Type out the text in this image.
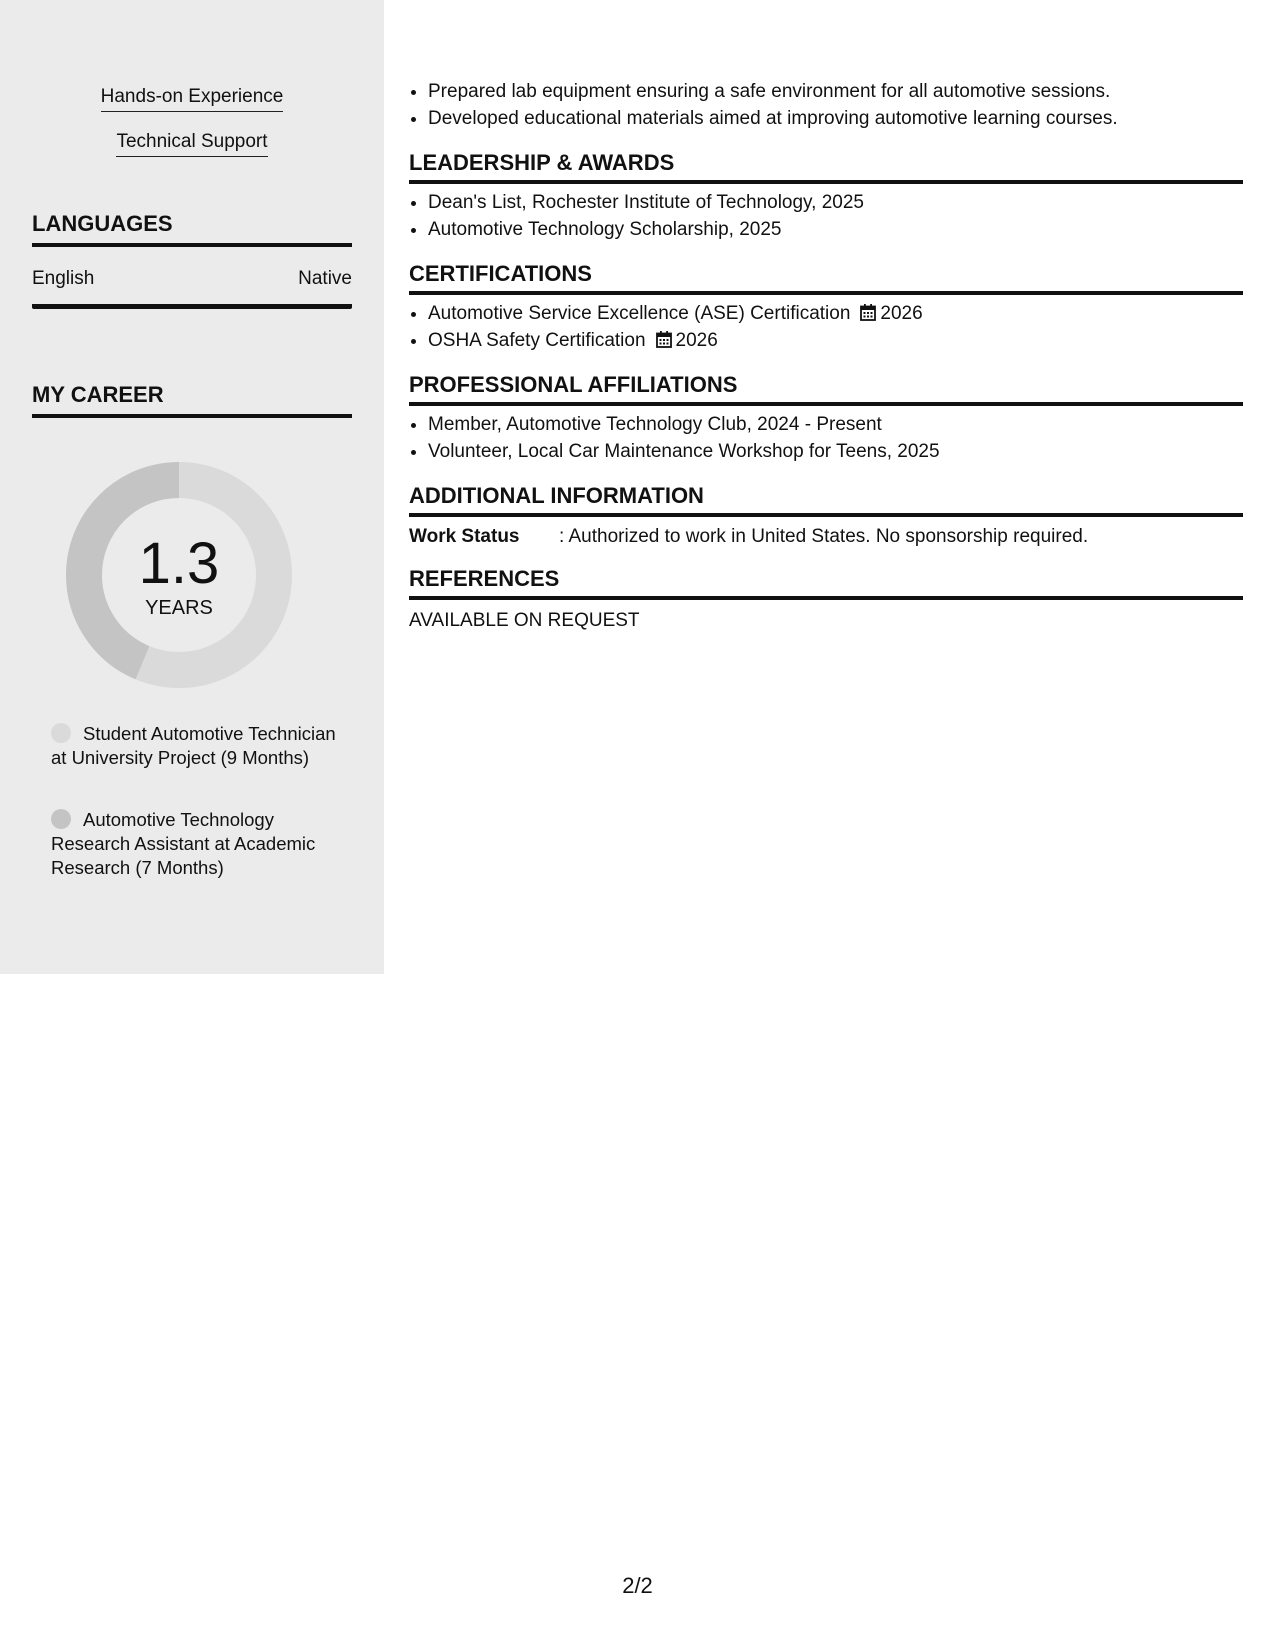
Hands-on Experience
Technical Support
LANGUAGES
English	Native
MY CAREER
1.3
YEARS
Student Automotive Technician at University Project (9 Months)
Automotive Technology Research Assistant at Academic Research (7 Months)
• Prepared lab equipment ensuring a safe environment for all automotive sessions.
• Developed educational materials aimed at improving automotive learning courses.
LEADERSHIP & AWARDS
• Dean's List, Rochester Institute of Technology, 2025
• Automotive Technology Scholarship, 2025
CERTIFICATIONS
• Automotive Service Excellence (ASE) Certification 2026
• OSHA Safety Certification 2026
PROFESSIONAL AFFILIATIONS
• Member, Automotive Technology Club, 2024 - Present
• Volunteer, Local Car Maintenance Workshop for Teens, 2025
ADDITIONAL INFORMATION
Work Status : Authorized to work in United States. No sponsorship required.
REFERENCES
AVAILABLE ON REQUEST
2/2
